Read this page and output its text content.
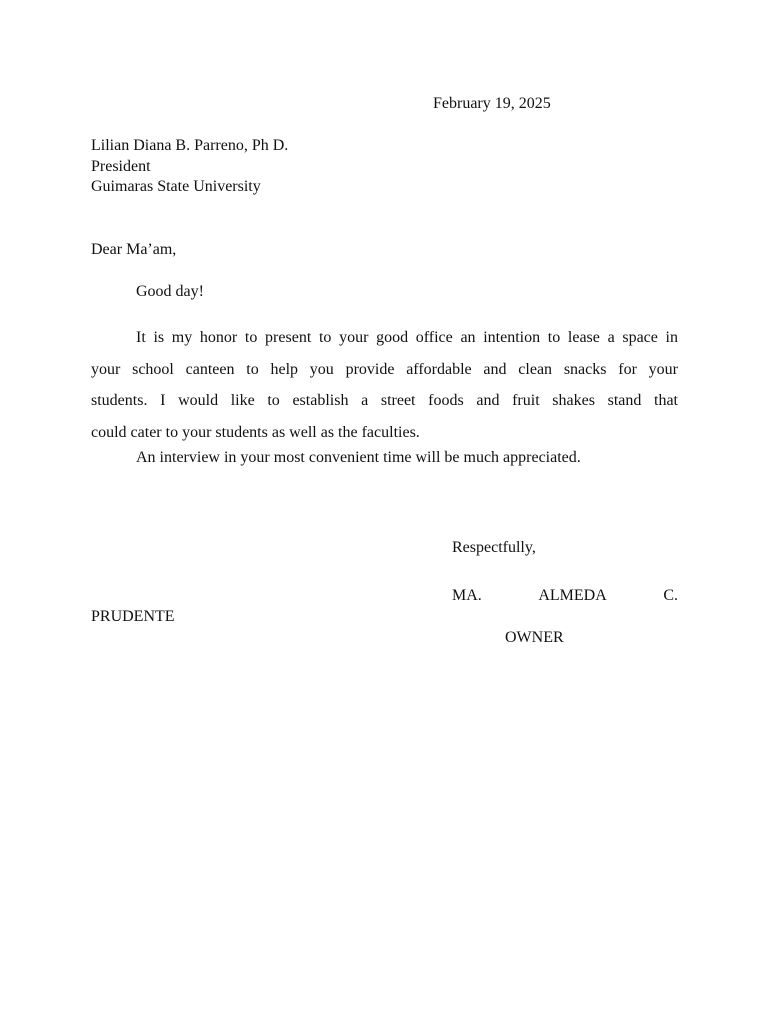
February 19, 2025
Lilian Diana B. Parreno, Ph D.
President
Guimaras State University
Dear Ma’am,
Good day!
It is my honor to present to your good office an intention to lease a space in
your school canteen to help you provide affordable and clean snacks for your
students. I would like to establish a street foods and fruit shakes stand that
could cater to your students as well as the faculties.
An interview in your most convenient time will be much appreciated.
Respectfully,
MA.	ALMEDA	C.
PRUDENTE
OWNER
